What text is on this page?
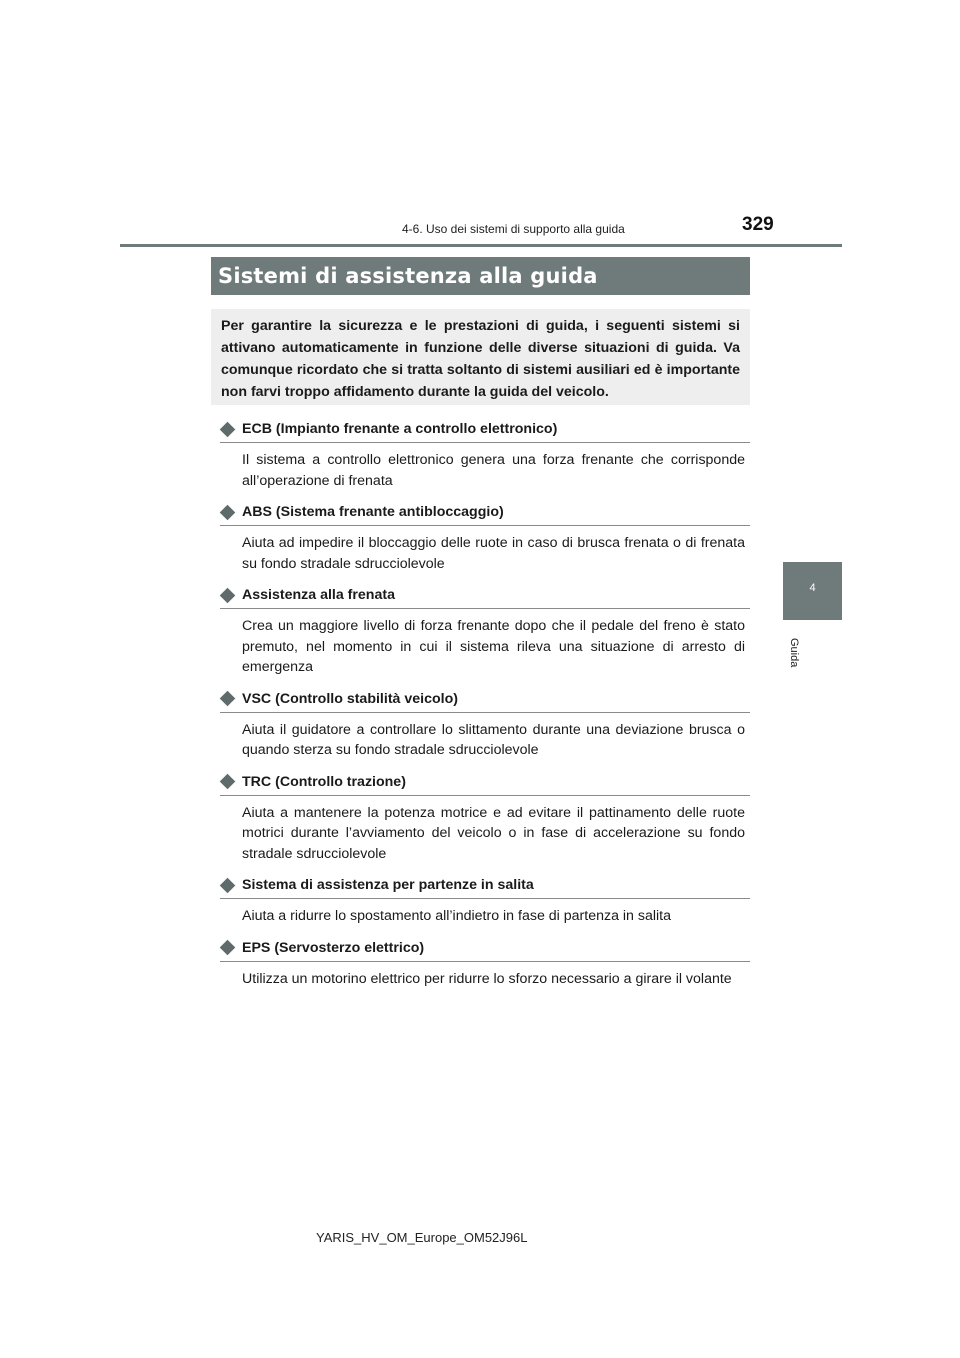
4-6. Uso dei sistemi di supporto alla guida	329
4
Guida
Sistemi di assistenza alla guida
Per garantire la sicurezza e le prestazioni di guida, i seguenti sistemi si attivano automaticamente in funzione delle diverse situazioni di guida. Va comunque ricordato che si tratta soltanto di sistemi ausiliari ed è importante non farvi troppo affidamento durante la guida del veicolo.
ECB (Impianto frenante a controllo elettronico)
Il sistema a controllo elettronico genera una forza frenante che corrisponde all’operazione di frenata
ABS (Sistema frenante antibloccaggio)
Aiuta ad impedire il bloccaggio delle ruote in caso di brusca frenata o di frenata su fondo stradale sdrucciolevole
Assistenza alla frenata
Crea un maggiore livello di forza frenante dopo che il pedale del freno è stato premuto, nel momento in cui il sistema rileva una situazione di arresto di emergenza
VSC (Controllo stabilità veicolo)
Aiuta il guidatore a controllare lo slittamento durante una deviazione brusca o quando sterza su fondo stradale sdrucciolevole
TRC (Controllo trazione)
Aiuta a mantenere la potenza motrice e ad evitare il pattinamento delle ruote motrici durante l’avviamento del veicolo o in fase di accelerazione su fondo stradale sdrucciolevole
Sistema di assistenza per partenze in salita
Aiuta a ridurre lo spostamento all’indietro in fase di partenza in salita
EPS (Servosterzo elettrico)
Utilizza un motorino elettrico per ridurre lo sforzo necessario a girare il volante
YARIS_HV_OM_Europe_OM52J96L
